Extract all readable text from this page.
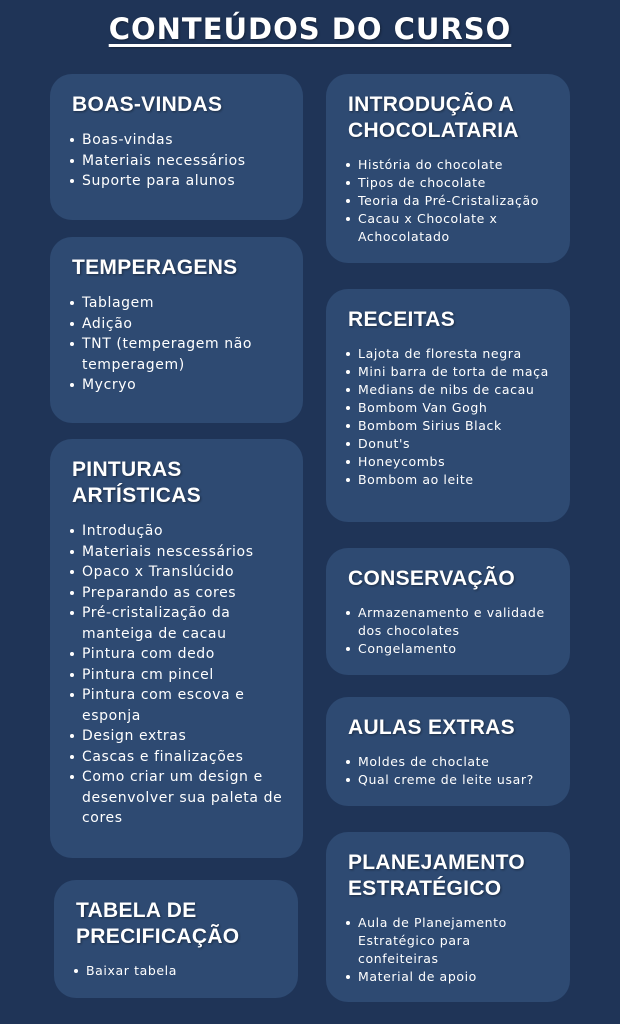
CONTEÚDOS DO CURSO
BOAS-VINDAS
Boas-vindas
Materiais necessários
Suporte para alunos
TEMPERAGENS
Tablagem
Adição
TNT (temperagem não temperagem)
Mycryo
PINTURAS ARTÍSTICAS
Introdução
Materiais nescessários
Opaco x Translúcido
Preparando as cores
Pré-cristalização da manteiga de cacau
Pintura com dedo
Pintura cm pincel
Pintura com escova e esponja
Design extras
Cascas e finalizações
Como criar um design e desenvolver sua paleta de cores
TABELA DE PRECIFICAÇÃO
Baixar tabela
INTRODUÇÃO A CHOCOLATARIA
História do chocolate
Tipos de chocolate
Teoria da Pré-Cristalização
Cacau x Chocolate x Achocolatado
RECEITAS
Lajota de floresta negra
Mini barra de torta de maça
Medians de nibs de cacau
Bombom Van Gogh
Bombom Sirius Black
Donut's
Honeycombs
Bombom ao leite
CONSERVAÇÃO
Armazenamento e validade dos chocolates
Congelamento
AULAS EXTRAS
Moldes de choclate
Qual creme de leite usar?
PLANEJAMENTO ESTRATÉGICO
Aula de Planejamento Estratégico para confeiteiras
Material de apoio
